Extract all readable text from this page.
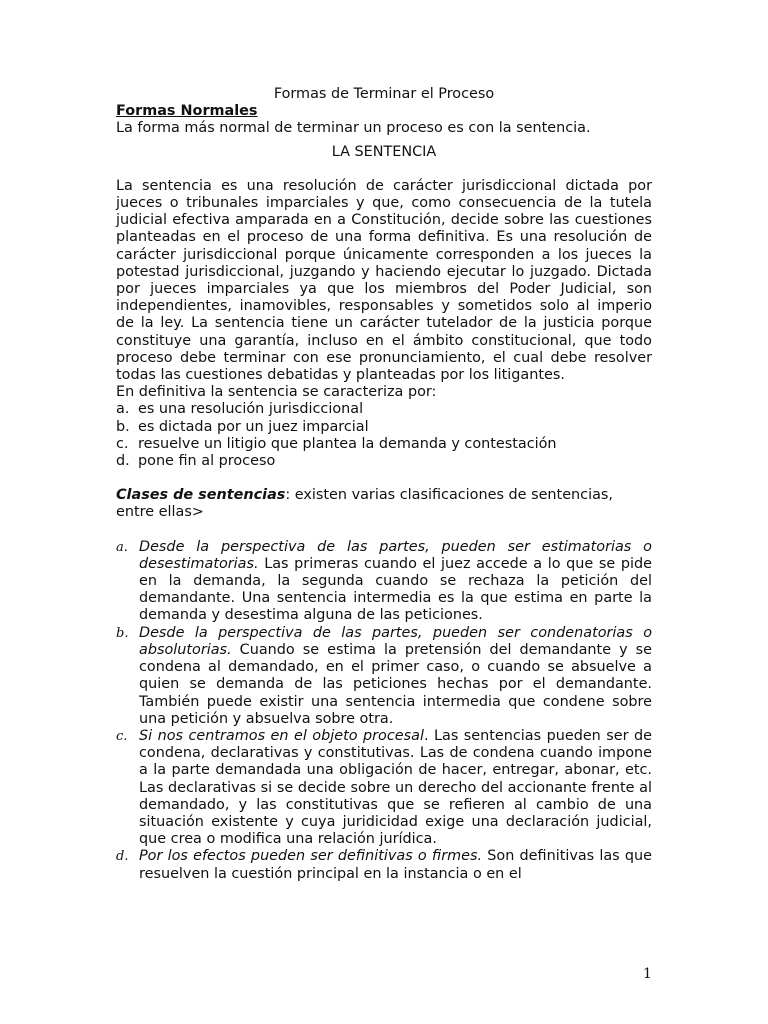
Formas de Terminar el Proceso
Formas Normales
La forma más normal de terminar un proceso es con la sentencia.
LA SENTENCIA
La sentencia es una resolución de carácter jurisdiccional dictada por jueces o tribunales imparciales y que, como consecuencia de la tutela judicial efectiva amparada en a Constitución, decide sobre las cuestiones planteadas en el proceso de una forma definitiva. Es una resolución de carácter jurisdiccional porque únicamente corresponden a los jueces la potestad jurisdiccional, juzgando y haciendo ejecutar lo juzgado. Dictada por jueces imparciales ya que los miembros del Poder Judicial, son independientes, inamovibles, responsables y sometidos solo al imperio de la ley. La sentencia tiene un carácter tutelador de la justicia porque constituye una garantía, incluso en el ámbito constitucional, que todo proceso debe terminar con ese pronunciamiento, el cual debe resolver todas las cuestiones debatidas y planteadas por los litigantes.
En definitiva la sentencia se caracteriza por:
a. es una resolución jurisdiccional
b. es dictada por un juez imparcial
c. resuelve un litigio que plantea la demanda y contestación
d. pone fin al proceso
Clases de sentencias: existen varias clasificaciones de sentencias, entre ellas>
a. Desde la perspectiva de las partes, pueden ser estimatorias o desestimatorias. Las primeras cuando el juez accede a lo que se pide en la demanda, la segunda cuando se rechaza la petición del demandante. Una sentencia intermedia es la que estima en parte la demanda y desestima alguna de las peticiones.
b. Desde la perspectiva de las partes, pueden ser condenatorias o absolutorias. Cuando se estima la pretensión del demandante y se condena al demandado, en el primer caso, o cuando se absuelve a quien se demanda de las peticiones hechas por el demandante. También puede existir una sentencia intermedia que condene sobre una petición y absuelva sobre otra.
c. Si nos centramos en el objeto procesal. Las sentencias pueden ser de condena, declarativas y constitutivas. Las de condena cuando impone a la parte demandada una obligación de hacer, entregar, abonar, etc. Las declarativas si se decide sobre un derecho del accionante frente al demandado, y las constitutivas que se refieren al cambio de una situación existente y cuya juridicidad exige una declaración judicial, que crea o modifica una relación jurídica.
d. Por los efectos pueden ser definitivas o firmes. Son definitivas las que resuelven la cuestión principal en la instancia o en el
1
